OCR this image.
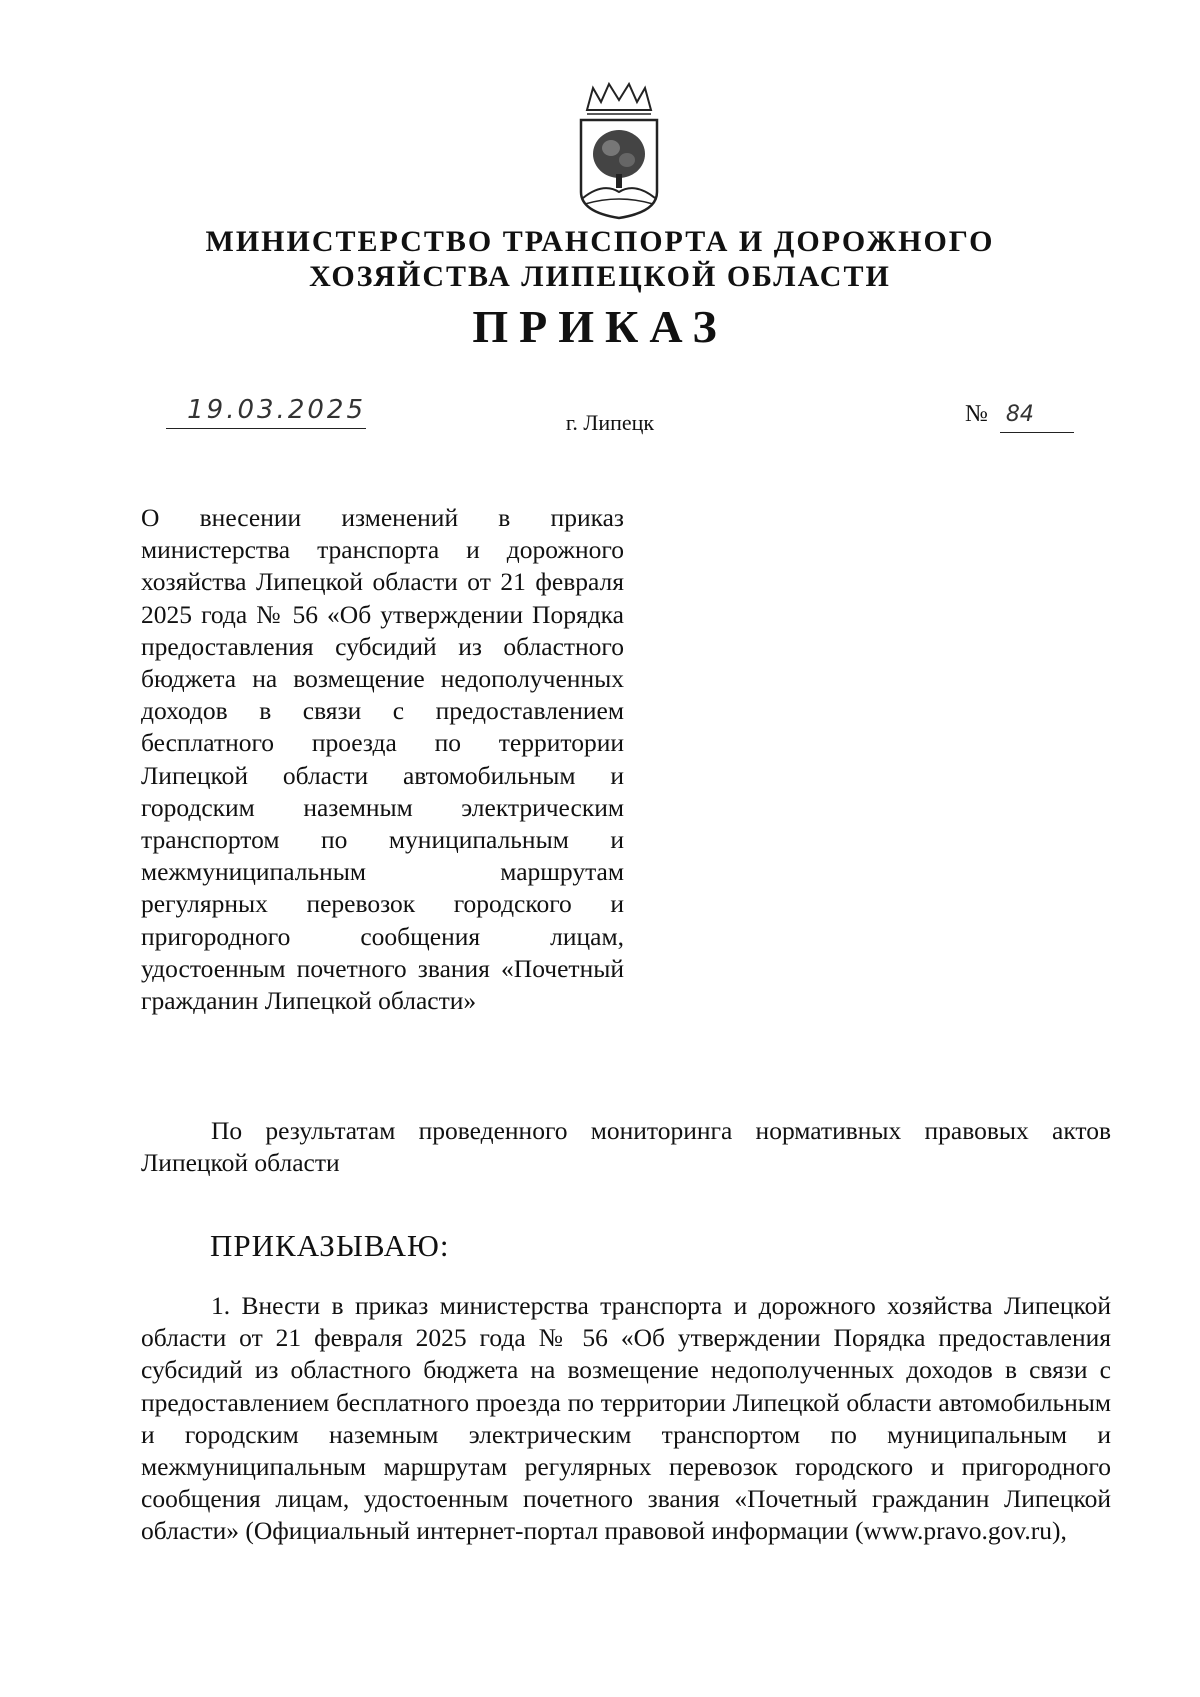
МИНИСТЕРСТВО ТРАНСПОРТА И ДОРОЖНОГО
ХОЗЯЙСТВА ЛИПЕЦКОЙ ОБЛАСТИ
ПРИКАЗ
19.03.2025	г. Липецк	№ 84
О внесении изменений в приказ министерства транспорта и дорожного хозяйства Липецкой области от 21 февраля 2025 года № 56 «Об утверждении Порядка предоставления субсидий из областного бюджета на возмещение недополученных доходов в связи с предоставлением бесплатного проезда по территории Липецкой области автомобильным и городским наземным электрическим транспортом по муниципальным и межмуниципальным маршрутам регулярных перевозок городского и пригородного сообщения лицам, удостоенным почетного звания «Почетный гражданин Липецкой области»
По результатам проведенного мониторинга нормативных правовых актов Липецкой области
ПРИКАЗЫВАЮ:
1. Внести в приказ министерства транспорта и дорожного хозяйства Липецкой области от 21 февраля 2025 года № 56 «Об утверждении Порядка предоставления субсидий из областного бюджета на возмещение недополученных доходов в связи с предоставлением бесплатного проезда по территории Липецкой области автомобильным и городским наземным электрическим транспортом по муниципальным и межмуниципальным маршрутам регулярных перевозок городского и пригородного сообщения лицам, удостоенным почетного звания «Почетный гражданин Липецкой области» (Официальный интернет-портал правовой информации (www.pravo.gov.ru),
